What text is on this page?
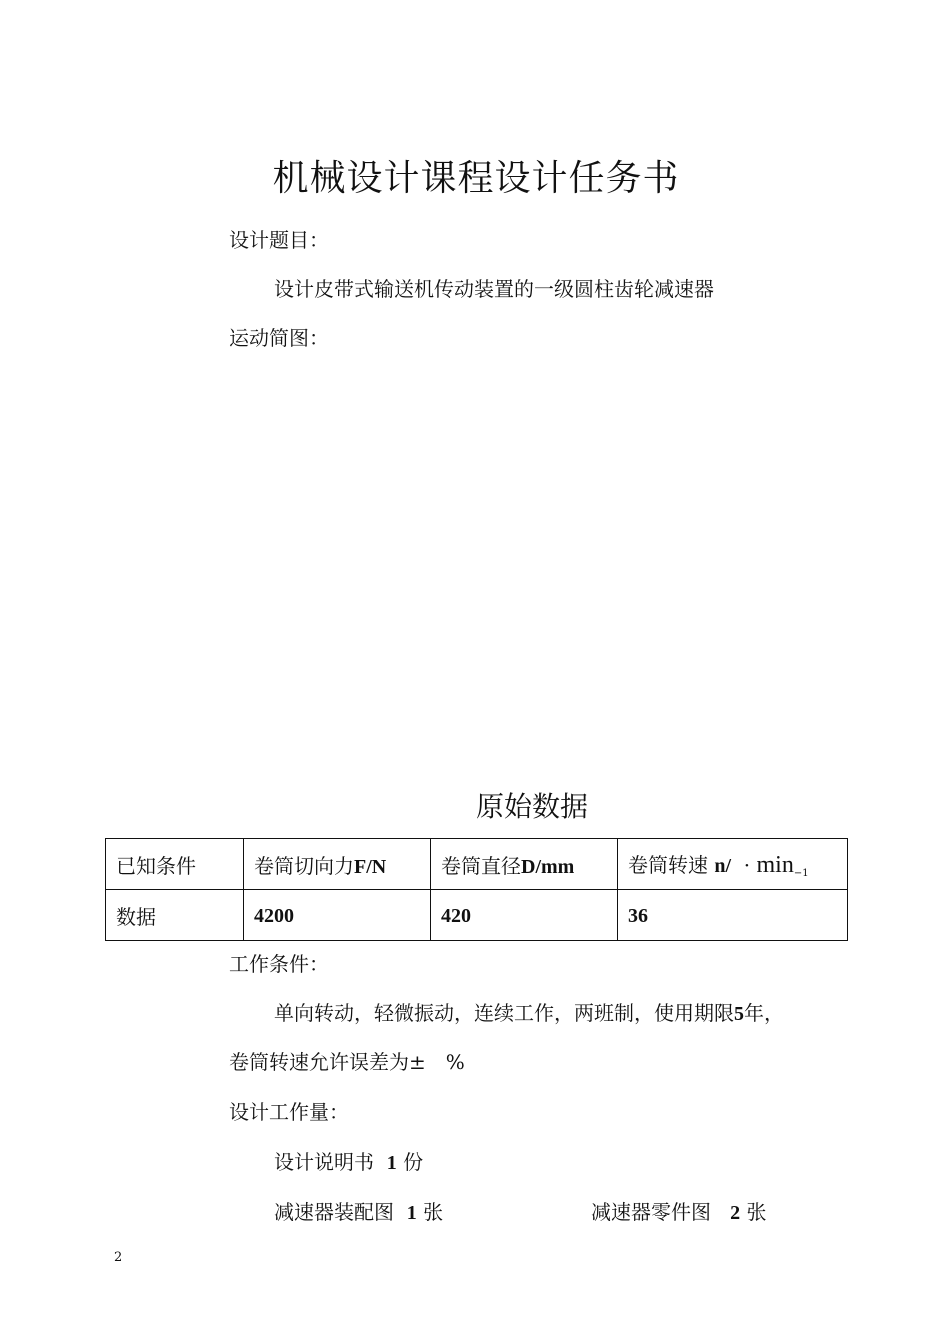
机械设计课程设计任务书
设计题目：
设计皮带式输送机传动装置的一级圆柱齿轮减速器
运动简图：
原始数据
已知条件	卷筒切向力F/N	卷筒直径D/mm	卷筒转速 $n/ \cdot \min_{-1}$
数据	4200	420	36
工作条件：
单向转动，轻微振动，连续工作，两班制，使用期限5年，
卷筒转速允许误差为±　%
设计工作量：
设计说明书 1 份
减速器装配图 1 张	减速器零件图 2 张
2
